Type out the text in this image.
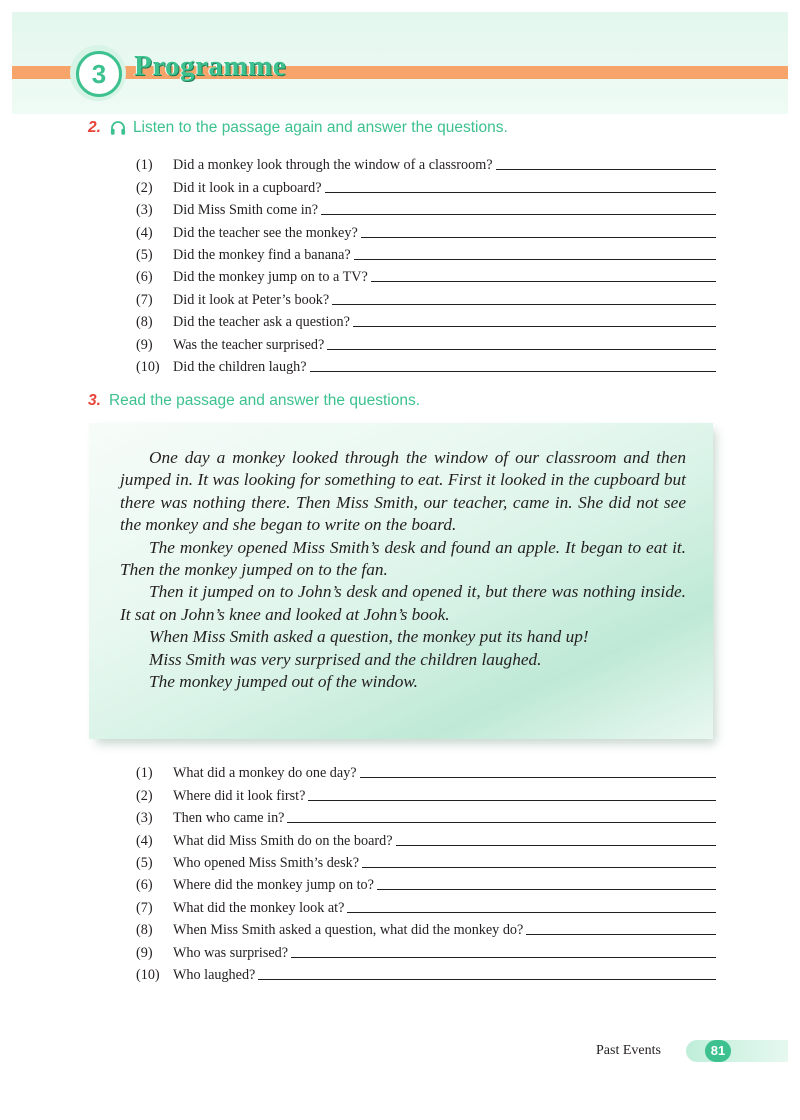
3 Programme
2. Listen to the passage again and answer the questions.
(1)	Did a monkey look through the window of a classroom?
(2)	Did it look in a cupboard?
(3)	Did Miss Smith come in?
(4)	Did the teacher see the monkey?
(5)	Did the monkey find a banana?
(6)	Did the monkey jump on to a TV?
(7)	Did it look at Peter’s book?
(8)	Did the teacher ask a question?
(9)	Was the teacher surprised?
(10) Did the children laugh?
3. Read the passage and answer the questions.

One day a monkey looked through the window of our classroom and then jumped in. It was looking for something to eat. First it looked in the cupboard but there was nothing there. Then Miss Smith, our teacher, came in. She did not see the monkey and she began to write on the board.

The monkey opened Miss Smith’s desk and found an apple. It began to eat it. Then the monkey jumped on to the fan.

Then it jumped on to John’s desk and opened it, but there was nothing inside. It sat on John’s knee and looked at John’s book.

When Miss Smith asked a question, the monkey put its hand up!

Miss Smith was very surprised and the children laughed.

The monkey jumped out of the window.

(1)	What did a monkey do one day?
(2)	Where did it look first?
(3)	Then who came in?
(4)	What did Miss Smith do on the board?
(5)	Who opened Miss Smith’s desk?
(6)	Where did the monkey jump on to?
(7)	What did the monkey look at?
(8)	When Miss Smith asked a question, what did the monkey do?
(9)	Who was surprised?
(10) Who laughed?
Past Events	81
